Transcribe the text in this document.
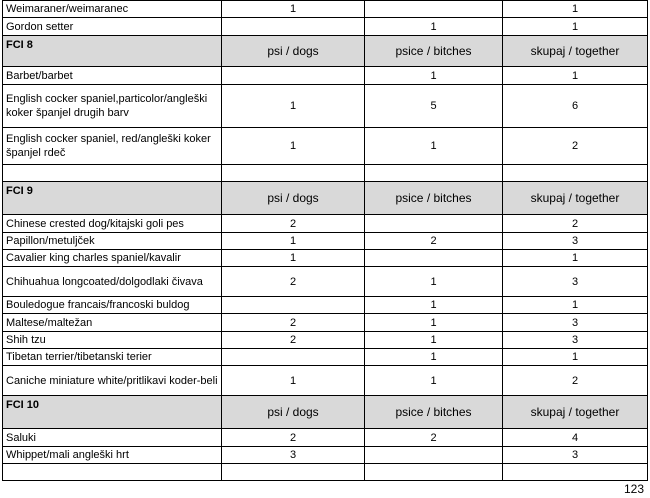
Weimaraner/weimaranec	1		1
Gordon setter		1	1
FCI 8	psi / dogs	psice / bitches	skupaj / together
Barbet/barbet		1	1
English cocker spaniel,particolor/angleški koker španjel drugih barv	1	5	6
English cocker spaniel, red/angleški koker španjel rdeč	1	1	2

FCI 9	psi / dogs	psice / bitches	skupaj / together
Chinese crested dog/kitajski goli pes	2		2
Papillon/metuljček	1	2	3
Cavalier king charles spaniel/kavalir	1		1
Chihuahua longcoated/dolgodlaki čivava	2	1	3
Bouledogue francais/francoski buldog		1	1
Maltese/maltežan	2	1	3
Shih tzu	2	1	3
Tibetan terrier/tibetanski terier		1	1
Caniche miniature white/pritlikavi koder-beli	1	1	2
FCI 10	psi / dogs	psice / bitches	skupaj / together
Saluki	2	2	4
Whippet/mali angleški hrt	3		3

123
